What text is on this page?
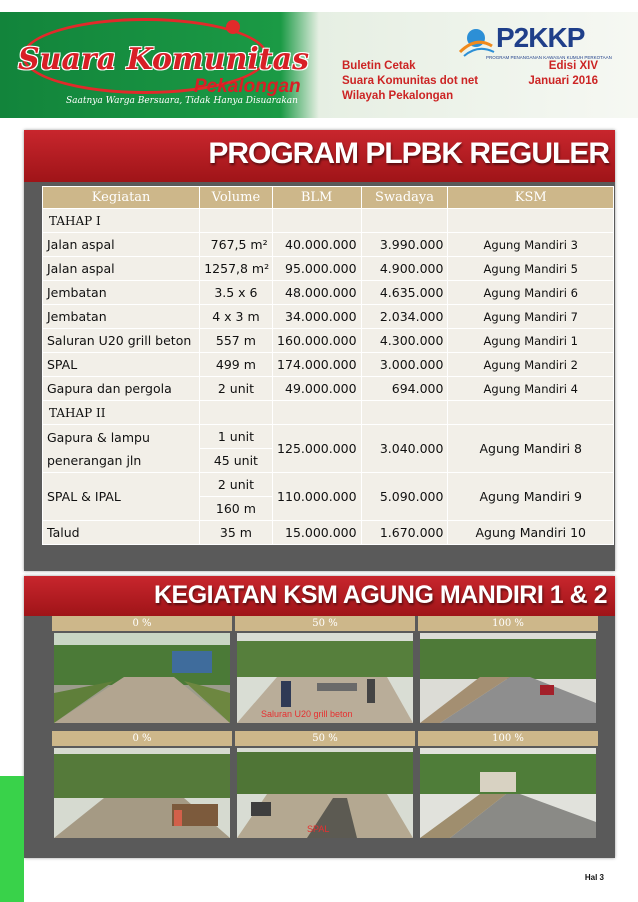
Suara Komunitas
Pekalongan
Saatnya Warga Bersuara, Tidak Hanya Disuarakan
Buletin Cetak
Suara Komunitas dot net
Wilayah Pekalongan
Edisi XIV
Januari 2016
P2KKP
PROGRAM PENANGANAN KAWASAN KUMUH PERKOTAAN
PROGRAM PLPBK REGULER
Kegiatan	Volume	BLM	Swadaya	KSM
TAHAP I				
Jalan aspal	767,5 m²	40.000.000	3.990.000	Agung Mandiri 3
Jalan aspal	1257,8 m²	95.000.000	4.900.000	Agung Mandiri 5
Jembatan	3.5 x 6	48.000.000	4.635.000	Agung Mandiri 6
Jembatan	4 x 3 m	34.000.000	2.034.000	Agung Mandiri 7
Saluran U20 grill beton	557 m	160.000.000	4.300.000	Agung Mandiri 1
SPAL	499 m	174.000.000	3.000.000	Agung Mandiri 2
Gapura dan pergola	2 unit	49.000.000	694.000	Agung Mandiri 4
TAHAP II				
Gapura & lampu penerangan jln	1 unit	125.000.000	3.040.000	Agung Mandiri 8
	45 unit			
SPAL & IPAL	2 unit	110.000.000	5.090.000	Agung Mandiri 9
	160 m			
Talud	35 m	15.000.000	1.670.000	Agung Mandiri 10
KEGIATAN KSM AGUNG MANDIRI 1 & 2
0 %	50 %
Saluran U20 grill beton
100 %
0 %	50 %
SPAL
100 %
Hal 3
